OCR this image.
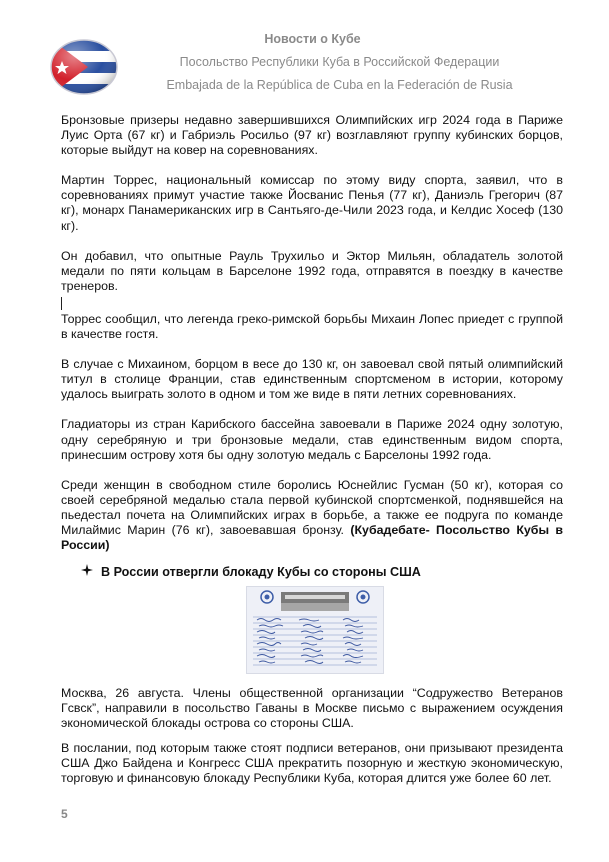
Новости о Кубе
Посольство Республики Куба в Российской Федерации
Embajada de la República de Cuba en la Federación de Rusia

Бронзовые призеры недавно завершившихся Олимпийских игр 2024 года в Париже Луис Орта (67 кг) и Габриэль Росильо (97 кг) возглавляют группу кубинских борцов, которые выйдут на ковер на соревнованиях.

Мартин Торрес, национальный комиссар по этому виду спорта, заявил, что в соревнованиях примут участие также Йосванис Пенья (77 кг), Даниэль Грегорич (87 кг), монарх Панамериканских игр в Сантьяго-де-Чили 2023 года, и Келдис Хосеф (130 кг).

Он добавил, что опытные Рауль Трухильо и Эктор Мильян, обладатель золотой медали по пяти кольцам в Барселоне 1992 года, отправятся в поездку в качестве тренеров.

Торрес сообщил, что легенда греко-римской борьбы Михаин Лопес приедет с группой в качестве гостя.

В случае с Михаином, борцом в весе до 130 кг, он завоевал свой пятый олимпийский титул в столице Франции, став единственным спортсменом в истории, которому удалось выиграть золото в одном и том же виде в пяти летних соревнованиях.

Гладиаторы из стран Карибского бассейна завоевали в Париже 2024 одну золотую, одну серебряную и три бронзовые медали, став единственным видом спорта, принесшим острову хотя бы одну золотую медаль с Барселоны 1992 года.

Среди женщин в свободном стиле боролись Юснейлис Гусман (50 кг), которая со своей серебряной медалью стала первой кубинской спортсменкой, поднявшейся на пьедестал почета на Олимпийских играх в борьбе, а также ее подруга по команде Милаймис Марин (76 кг), завоевавшая бронзу. (Кубадебате- Посольство Кубы в России)

В России отвергли блокаду Кубы со стороны США

Москва, 26 августа. Члены общественной организации “Содружество Ветеранов Гсвск”, направили в посольство Гаваны в Москве письмо с выражением осуждения экономической блокады острова со стороны США.

В послании, под которым также стоят подписи ветеранов, они призывают президента США Джо Байдена и Конгресс США прекратить позорную и жесткую экономическую, торговую и финансовую блокаду Республики Куба, которая длится уже более 60 лет.

5
